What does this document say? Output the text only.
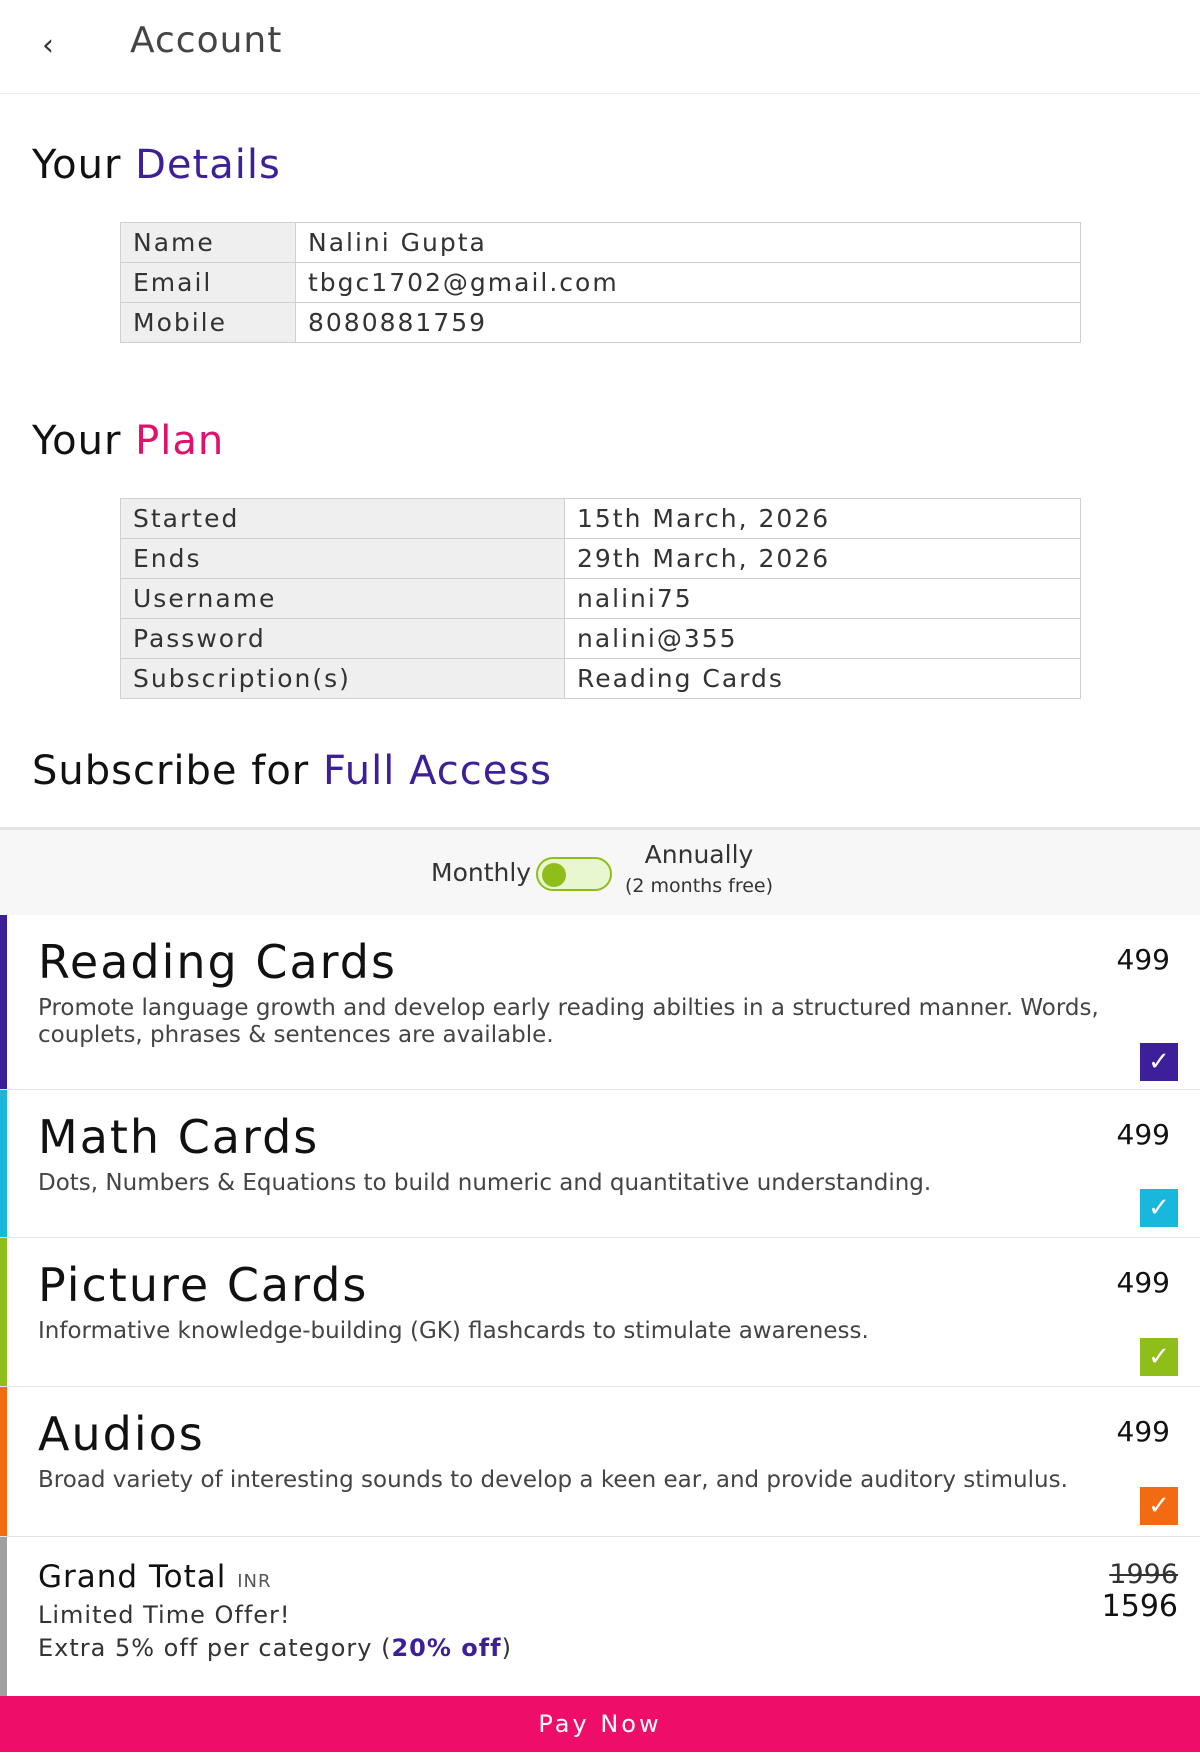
‹	Account
Your Details
Name	Nalini Gupta
Email	tbgc1702@gmail.com
Mobile	8080881759
Your Plan
Started	15th March, 2026
Ends	29th March, 2026
Username	nalini75
Password	nalini@355
Subscription(s)	Reading Cards
Subscribe for Full Access
Monthly
Annually
(2 months free)
Reading Cards	499
Promote language growth and develop early reading abilties in a structured manner. Words, couplets, phrases & sentences are available.
✓
Math Cards	499
Dots, Numbers & Equations to build numeric and quantitative understanding.
✓
Picture Cards	499
Informative knowledge-building (GK) flashcards to stimulate awareness.
✓
Audios	499
Broad variety of interesting sounds to develop a keen ear, and provide auditory stimulus.
✓
Grand Total INR
Limited Time Offer!
Extra 5% off per category (20% off)
1996
1596
Pay Now
